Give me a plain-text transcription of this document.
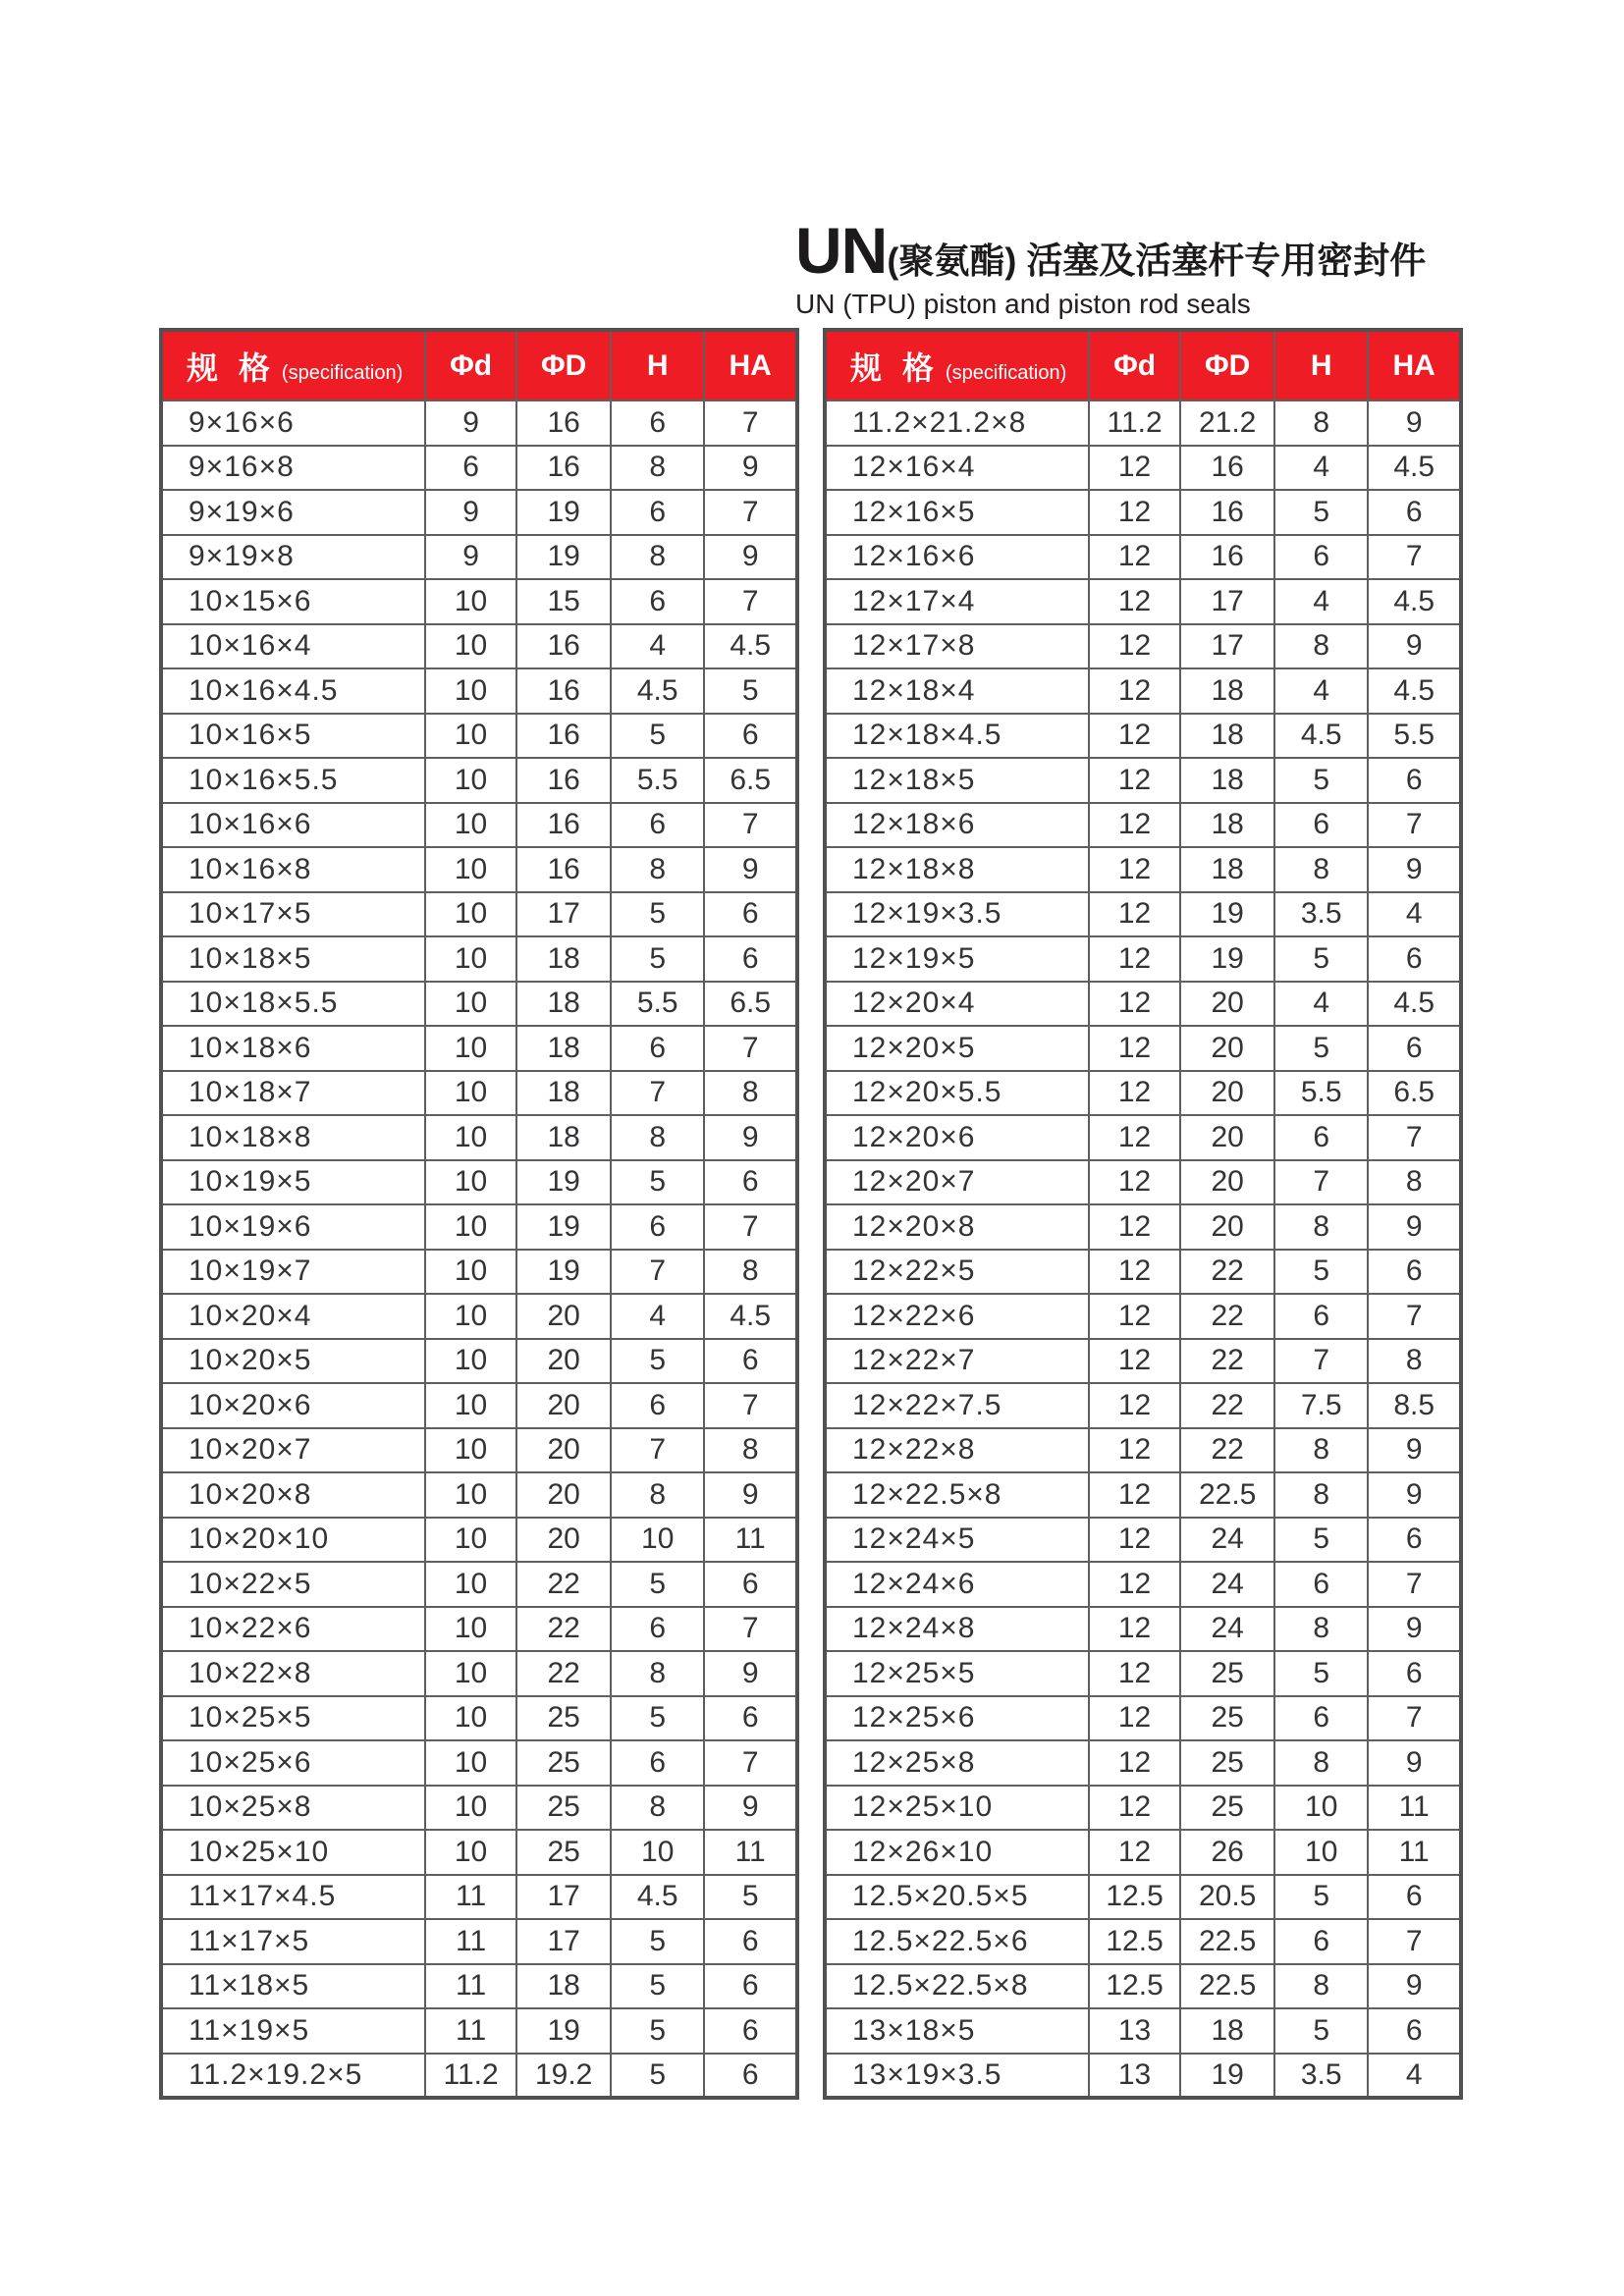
UN(聚氨酯) 活塞及活塞杆专用密封件
UN (TPU) piston and piston rod seals
规 格 (specification)	Φd	ΦD	H	HA
9×16×6	9	16	6	7
9×16×8	6	16	8	9
9×19×6	9	19	6	7
9×19×8	9	19	8	9
10×15×6	10	15	6	7
10×16×4	10	16	4	4.5
10×16×4.5	10	16	4.5	5
10×16×5	10	16	5	6
10×16×5.5	10	16	5.5	6.5
10×16×6	10	16	6	7
10×16×8	10	16	8	9
10×17×5	10	17	5	6
10×18×5	10	18	5	6
10×18×5.5	10	18	5.5	6.5
10×18×6	10	18	6	7
10×18×7	10	18	7	8
10×18×8	10	18	8	9
10×19×5	10	19	5	6
10×19×6	10	19	6	7
10×19×7	10	19	7	8
10×20×4	10	20	4	4.5
10×20×5	10	20	5	6
10×20×6	10	20	6	7
10×20×7	10	20	7	8
10×20×8	10	20	8	9
10×20×10	10	20	10	11
10×22×5	10	22	5	6
10×22×6	10	22	6	7
10×22×8	10	22	8	9
10×25×5	10	25	5	6
10×25×6	10	25	6	7
10×25×8	10	25	8	9
10×25×10	10	25	10	11
11×17×4.5	11	17	4.5	5
11×17×5	11	17	5	6
11×18×5	11	18	5	6
11×19×5	11	19	5	6
11.2×19.2×5	11.2	19.2	5	6
规 格 (specification)	Φd	ΦD	H	HA
11.2×21.2×8	11.2	21.2	8	9
12×16×4	12	16	4	4.5
12×16×5	12	16	5	6
12×16×6	12	16	6	7
12×17×4	12	17	4	4.5
12×17×8	12	17	8	9
12×18×4	12	18	4	4.5
12×18×4.5	12	18	4.5	5.5
12×18×5	12	18	5	6
12×18×6	12	18	6	7
12×18×8	12	18	8	9
12×19×3.5	12	19	3.5	4
12×19×5	12	19	5	6
12×20×4	12	20	4	4.5
12×20×5	12	20	5	6
12×20×5.5	12	20	5.5	6.5
12×20×6	12	20	6	7
12×20×7	12	20	7	8
12×20×8	12	20	8	9
12×22×5	12	22	5	6
12×22×6	12	22	6	7
12×22×7	12	22	7	8
12×22×7.5	12	22	7.5	8.5
12×22×8	12	22	8	9
12×22.5×8	12	22.5	8	9
12×24×5	12	24	5	6
12×24×6	12	24	6	7
12×24×8	12	24	8	9
12×25×5	12	25	5	6
12×25×6	12	25	6	7
12×25×8	12	25	8	9
12×25×10	12	25	10	11
12×26×10	12	26	10	11
12.5×20.5×5	12.5	20.5	5	6
12.5×22.5×6	12.5	22.5	6	7
12.5×22.5×8	12.5	22.5	8	9
13×18×5	13	18	5	6
13×19×3.5	13	19	3.5	4
